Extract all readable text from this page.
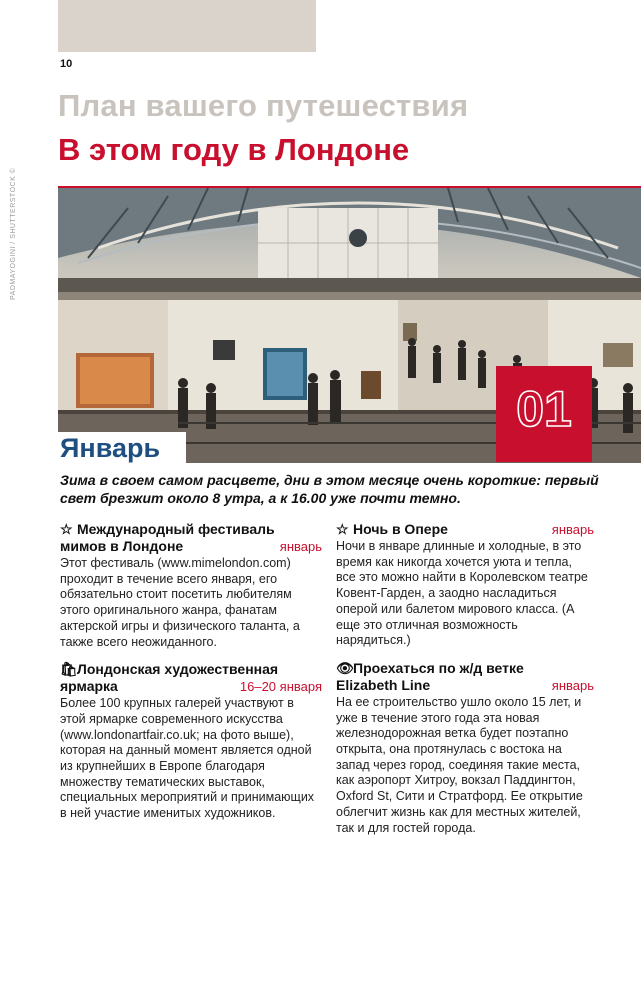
10
План вашего путешествия
В этом году в Лондоне
PADMAYOGINI / SHUTTERSTOCK ©
Январь
01
Зима в своем самом расцвете, дни в этом месяце очень короткие: первый свет брезжит около 8 утра, а к 16.00 уже почти темно.
☆ Международный фестиваль
мимов в Лондоне	январь
Этот фестиваль (www.mimelondon.com) проходит в течение всего января, его обязательно стоит посетить любителям этого оригинального жанра, фанатам актерской игры и физического таланта, а также всего неожиданного.
🛍Лондонская художественная
ярмарка	16–20 января
Более 100 крупных галерей участвуют в этой ярмарке современного искусства (www.londonartfair.co.uk; на фото выше), которая на данный момент является одной из крупнейших в Европе благодаря множеству тематических выставок, специальных мероприятий и принимающих в ней участие именитых художников.
☆ Ночь в Опере	январь
Ночи в январе длинные и холодные, в это время как никогда хочется уюта и тепла, все это можно найти в Королевском театре Ковент-Гарден, а заодно насладиться оперой или балетом мирового класса. (А еще это отличная возможность нарядиться.)
👁Проехаться по ж/д ветке
Elizabeth Line	январь
На ее строительство ушло около 15 лет, и уже в течение этого года эта новая железнодорожная ветка будет поэтапно открыта, она протянулась с востока на запад через город, соединяя такие места, как аэропорт Хитроу, вокзал Паддингтон, Oxford St, Сити и Стратфорд. Ее открытие облегчит жизнь как для местных жителей, так и для гостей города.
